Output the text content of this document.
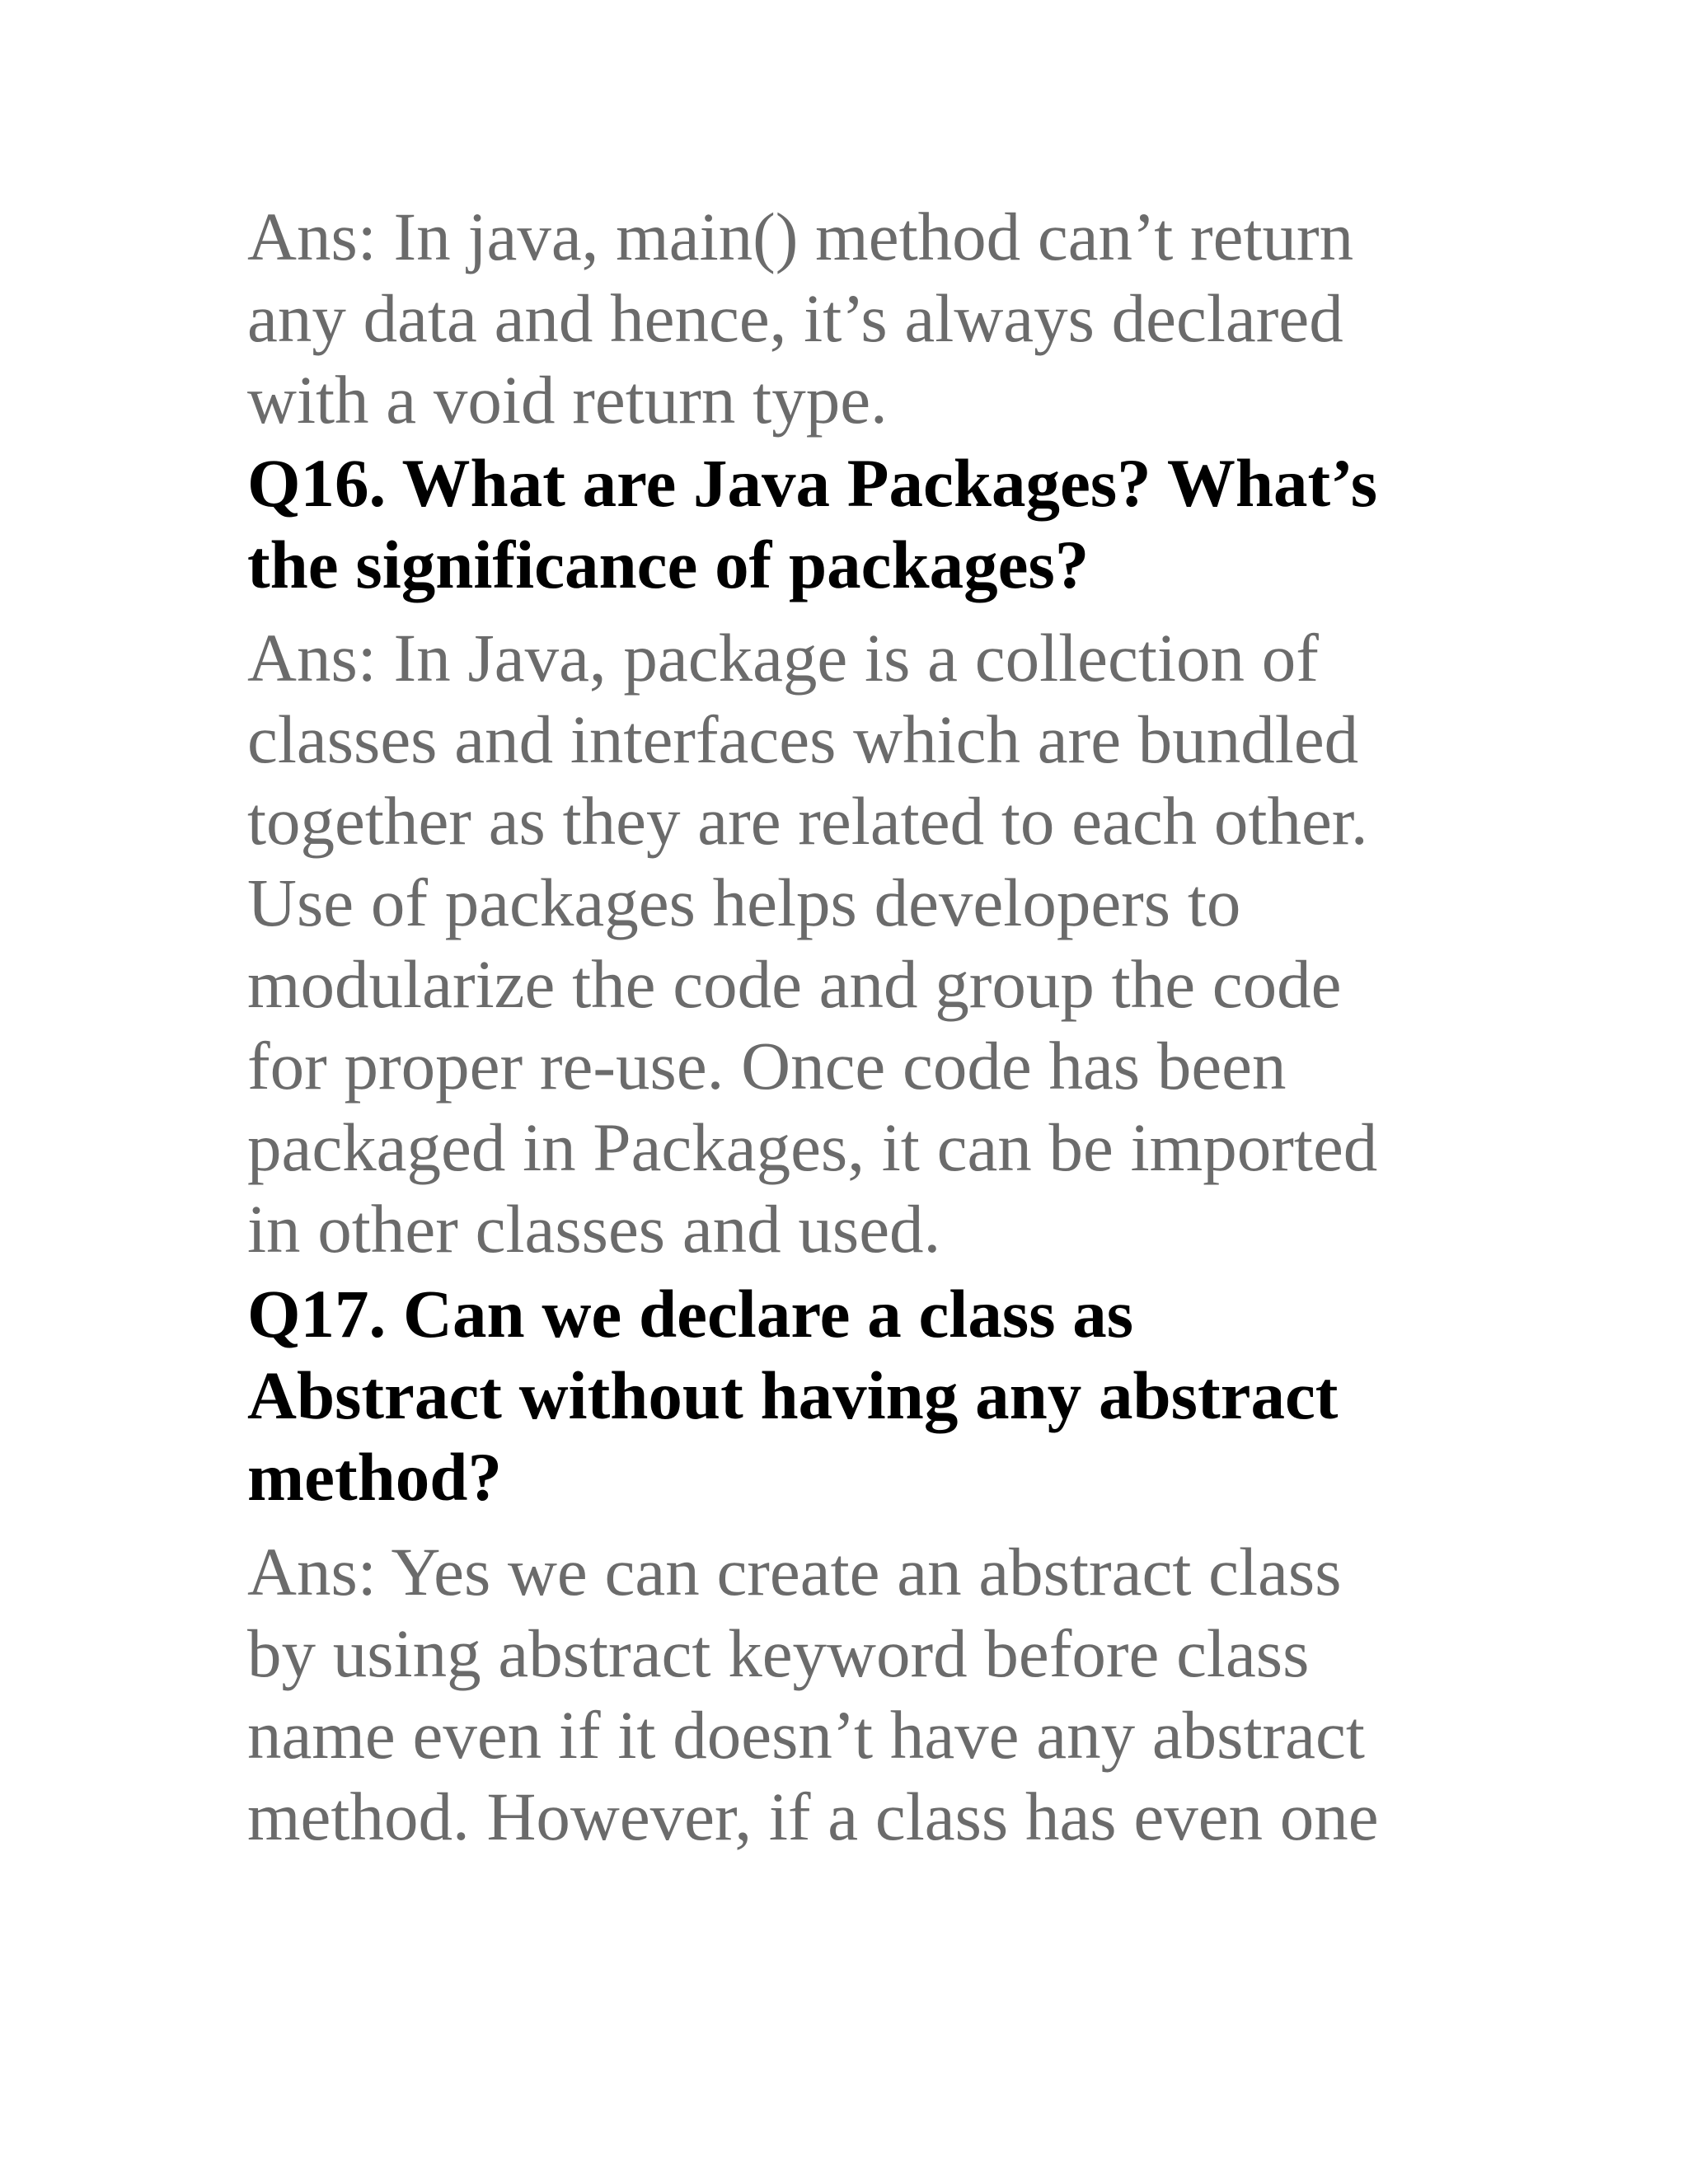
Ans: In java, main() method can’t return
any data and hence, it’s always declared
with a void return type.

Q16. What are Java Packages? What’s
the significance of packages?

Ans: In Java, package is a collection of
classes and interfaces which are bundled
together as they are related to each other.
Use of packages helps developers to
modularize the code and group the code
for proper re-use. Once code has been
packaged in Packages, it can be imported
in other classes and used.

Q17. Can we declare a class as
Abstract without having any abstract
method?

Ans: Yes we can create an abstract class
by using abstract keyword before class
name even if it doesn’t have any abstract
method. However, if a class has even one
